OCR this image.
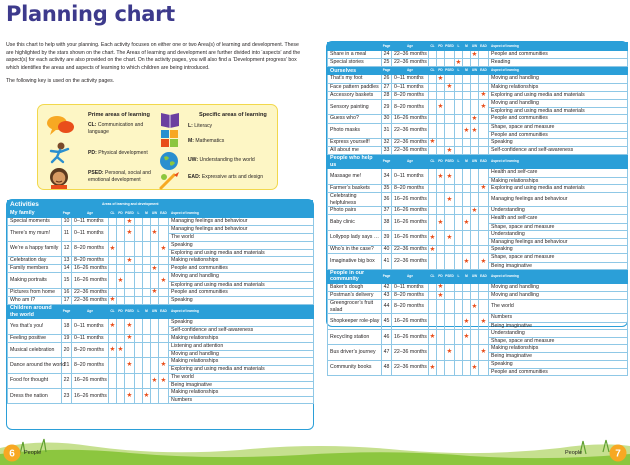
Planning chart

Use this chart to help with your planning. Each activity focuses on either one or two Area(s) of learning and development. These are highlighted by the stars shown on the chart. The Areas of learning and development are further divided into ‘aspects’ and the aspect(s) for each activity are also provided on the chart. On the activity pages, you will also find a ‘Development progress’ box which identifies the areas and aspects of learning to which children are being introduced.

The following key is used on the activity pages.

Prime areas of learning	Specific areas of learning
CL: Communication and language
PD: Physical development
PSED: Personal, social and emotional development
L: Literacy
M: Mathematics
UW: Understanding the world
EAD: Expressive arts and design
Activities	Areas of learning and development
My family	Page	Age	CL	PD	PSED	L	M	UW	EAD	Aspect of learning
Special moments	10	0–11 months			★					Managing feelings and behaviour

There’s my mum!	11	0–11 months			★			★		Managing feelings and behaviour
The world

We’re a happy family	12	8–20 months	★						★	Speaking
Exploring and using media and materials

Celebration day	13	8–20 months			★					Making relationships

Family members	14	16–26 months						★		People and communities

Making portraits	15	16–26 months		★					★	Moving and handling
Exploring and using media and materials

Pictures from home	16	22–36 months						★		People and communities

Who am I?	17	22–36 months	★							Speaking

Children around the world	Page	Age	CL	PD	PSED	L	M	UW	EAD	Aspect of learning
Yes that’s you!	18	0–11 months	★		★					Speaking
Self-confidence and self-awareness

Feeling positive	19	0–11 months			★					Making relationships

Musical celebration	20	8–20 months	★	★						Listening and attention
Moving and handling

Dance around the world	21	8–20 months			★				★	Making relationships
Exploring and using media and materials

Food for thought	22	16–26 months						★	★	The world
Being imaginative

Dress the nation	23	16–26 months			★		★			Making relationships
Numbers
	Page	Age	CL	PD	PSED	L	M	UW	EAD	Aspect of learning
Share in a meal	24	22–36 months						★		People and communities

Special stories	25	22–36 months				★				Reading

Ourselves	Page	Age	CL	PD	PSED	L	M	UW	EAD	Aspect of learning
That’s my foot	26	0–11 months		★						Moving and handling

Face pattern paddles	27	0–11 months			★					Making relationships

Accessory baskets	28	8–20 months							★	Exploring and using media and materials

Sensory painting	29	8–20 months		★					★	Moving and handling
Exploring and using media and materials

Guess who?	30	16–26 months						★		People and communities

Photo masks	31	22–36 months					★	★		Shape, space and measure
People and communities

Express yourself!	32	22–36 months	★							Speaking

All about me	33	22–36 months			★					Self-confidence and self-awareness

People who help us	Page	Age	CL	PD	PSED	L	M	UW	EAD	Aspect of learning
Massage me!	34	0–11 months		★	★					Health and self-care
Making relationships

Farmer’s baskets	35	8–20 months							★	Exploring and using media and materials

Celebrating helpfulness	36	16–26 months			★					Managing feelings and behaviour

Photo pairs	37	16–26 months						★		Understanding

Baby clinic	38	16–26 months		★			★			Health and self-care
Shape, space and measure

Lollypop lady says …	39	16–26 months	★		★					Understanding
Managing feelings and behaviour

Who’s in the case?	40	22–36 months	★							Speaking

Imaginative big box	41	22–36 months					★		★	Shape, space and measure
Being imaginative

People in our community	Page	Age	CL	PD	PSED	L	M	UW	EAD	Aspect of learning
Baker’s dough	42	0–11 months		★						Moving and handling

Postman’s delivery	43	8–20 months		★						Moving and handling

Greengrocer’s fruit salad	44	8–20 months						★		The world

Shopkeeper role-play	45	16–26 months					★		★	Numbers
Being imaginative

Recycling station	46	16–26 months	★				★			Understanding
Shape, space and measure

Bus driver’s journey	47	22–36 months			★				★	Making relationships
Being imaginative

Community books	48	22–36 months	★					★		Speaking
People and communities
6 People	People	7
